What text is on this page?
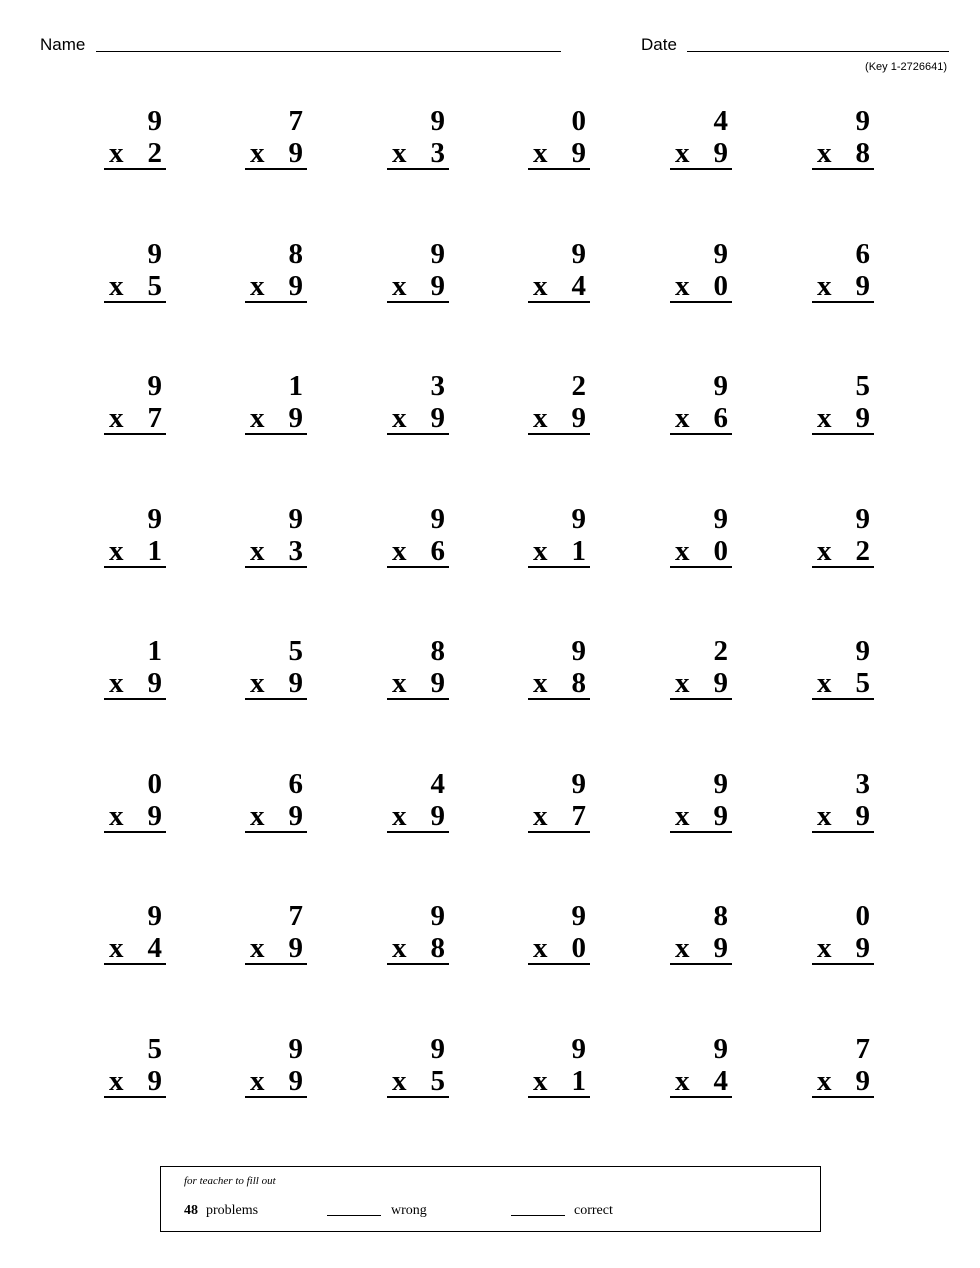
Name	Date
(Key 1-2726641)
9
x 2
7
x 9
9
x 3
0
x 9
4
x 9
9
x 8
9
x 5
8
x 9
9
x 9
9
x 4
9
x 0
6
x 9
9
x 7
1
x 9
3
x 9
2
x 9
9
x 6
5
x 9
9
x 1
9
x 3
9
x 6
9
x 1
9
x 0
9
x 2
1
x 9
5
x 9
8
x 9
9
x 8
2
x 9
9
x 5
0
x 9
6
x 9
4
x 9
9
x 7
9
x 9
3
x 9
9
x 4
7
x 9
9
x 8
9
x 0
8
x 9
0
x 9
5
x 9
9
x 9
9
x 5
9
x 1
9
x 4
7
x 9
for teacher to fill out
48 problems	wrong	correct
